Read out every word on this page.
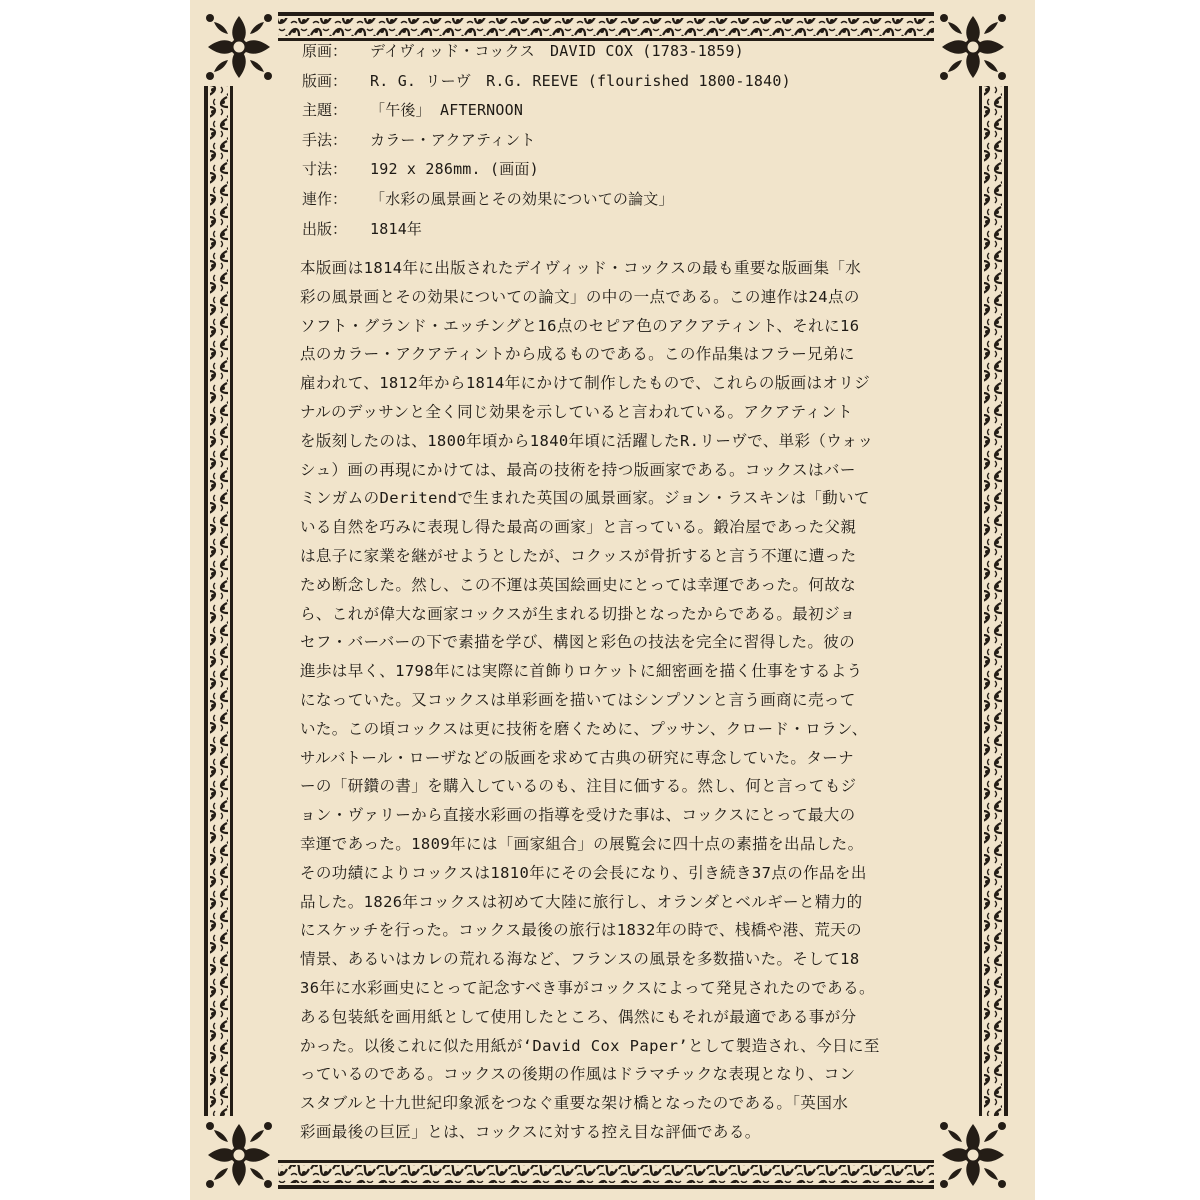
原画：	デイヴィッド・コックス　DAVID COX (1783-1859)
版画：	R. G. リーヴ　R.G. REEVE (flourished 1800-1840)
主題：	「午後」 AFTERNOON
手法：	カラー・アクアティント
寸法：	192 x 286mm. (画面)
連作：	「水彩の風景画とその効果についての論文」
出版：	1814年
本版画は1814年に出版されたデイヴィッド・コックスの最も重要な版画集「水
彩の風景画とその効果についての論文」の中の一点である。この連作は24点の
ソフト・グランド・エッチングと16点のセピア色のアクアティント、それに16
点のカラー・アクアティントから成るものである。この作品集はフラー兄弟に
雇われて、1812年から1814年にかけて制作したもので、これらの版画はオリジ
ナルのデッサンと全く同じ効果を示していると言われている。アクアティント
を版刻したのは、1800年頃から1840年頃に活躍したR.リーヴで、単彩（ウォッ
シュ）画の再現にかけては、最高の技術を持つ版画家である。コックスはバー
ミンガムのDeritendで生まれた英国の風景画家。ジョン・ラスキンは「動いて
いる自然を巧みに表現し得た最高の画家」と言っている。鍛冶屋であった父親
は息子に家業を継がせようとしたが、コクッスが骨折すると言う不運に遭った
ため断念した。然し、この不運は英国絵画史にとっては幸運であった。何故な
ら、これが偉大な画家コックスが生まれる切掛となったからである。最初ジョ
セフ・バーバーの下で素描を学び、構図と彩色の技法を完全に習得した。彼の
進歩は早く、1798年には実際に首飾りロケットに細密画を描く仕事をするよう
になっていた。又コックスは単彩画を描いてはシンプソンと言う画商に売って
いた。この頃コックスは更に技術を磨くために、プッサン、クロード・ロラン、
サルバトール・ローザなどの版画を求めて古典の研究に専念していた。ターナ
ーの「研鑽の書」を購入しているのも、注目に価する。然し、何と言ってもジ
ョン・ヴァリーから直接水彩画の指導を受けた事は、コックスにとって最大の
幸運であった。1809年には「画家組合」の展覧会に四十点の素描を出品した。
その功績によりコックスは1810年にその会長になり、引き続き37点の作品を出
品した。1826年コックスは初めて大陸に旅行し、オランダとベルギーと精力的
にスケッチを行った。コックス最後の旅行は1832年の時で、桟橋や港、荒天の
情景、あるいはカレの荒れる海など、フランスの風景を多数描いた。そして18
36年に水彩画史にとって記念すべき事がコックスによって発見されたのである。
ある包装紙を画用紙として使用したところ、偶然にもそれが最適である事が分
かった。以後これに似た用紙が‘David Cox Paper’として製造され、今日に至
っているのである。コックスの後期の作風はドラマチックな表現となり、コン
スタブルと十九世紀印象派をつなぐ重要な架け橋となったのである。「英国水
彩画最後の巨匠」とは、コックスに対する控え目な評価である。
